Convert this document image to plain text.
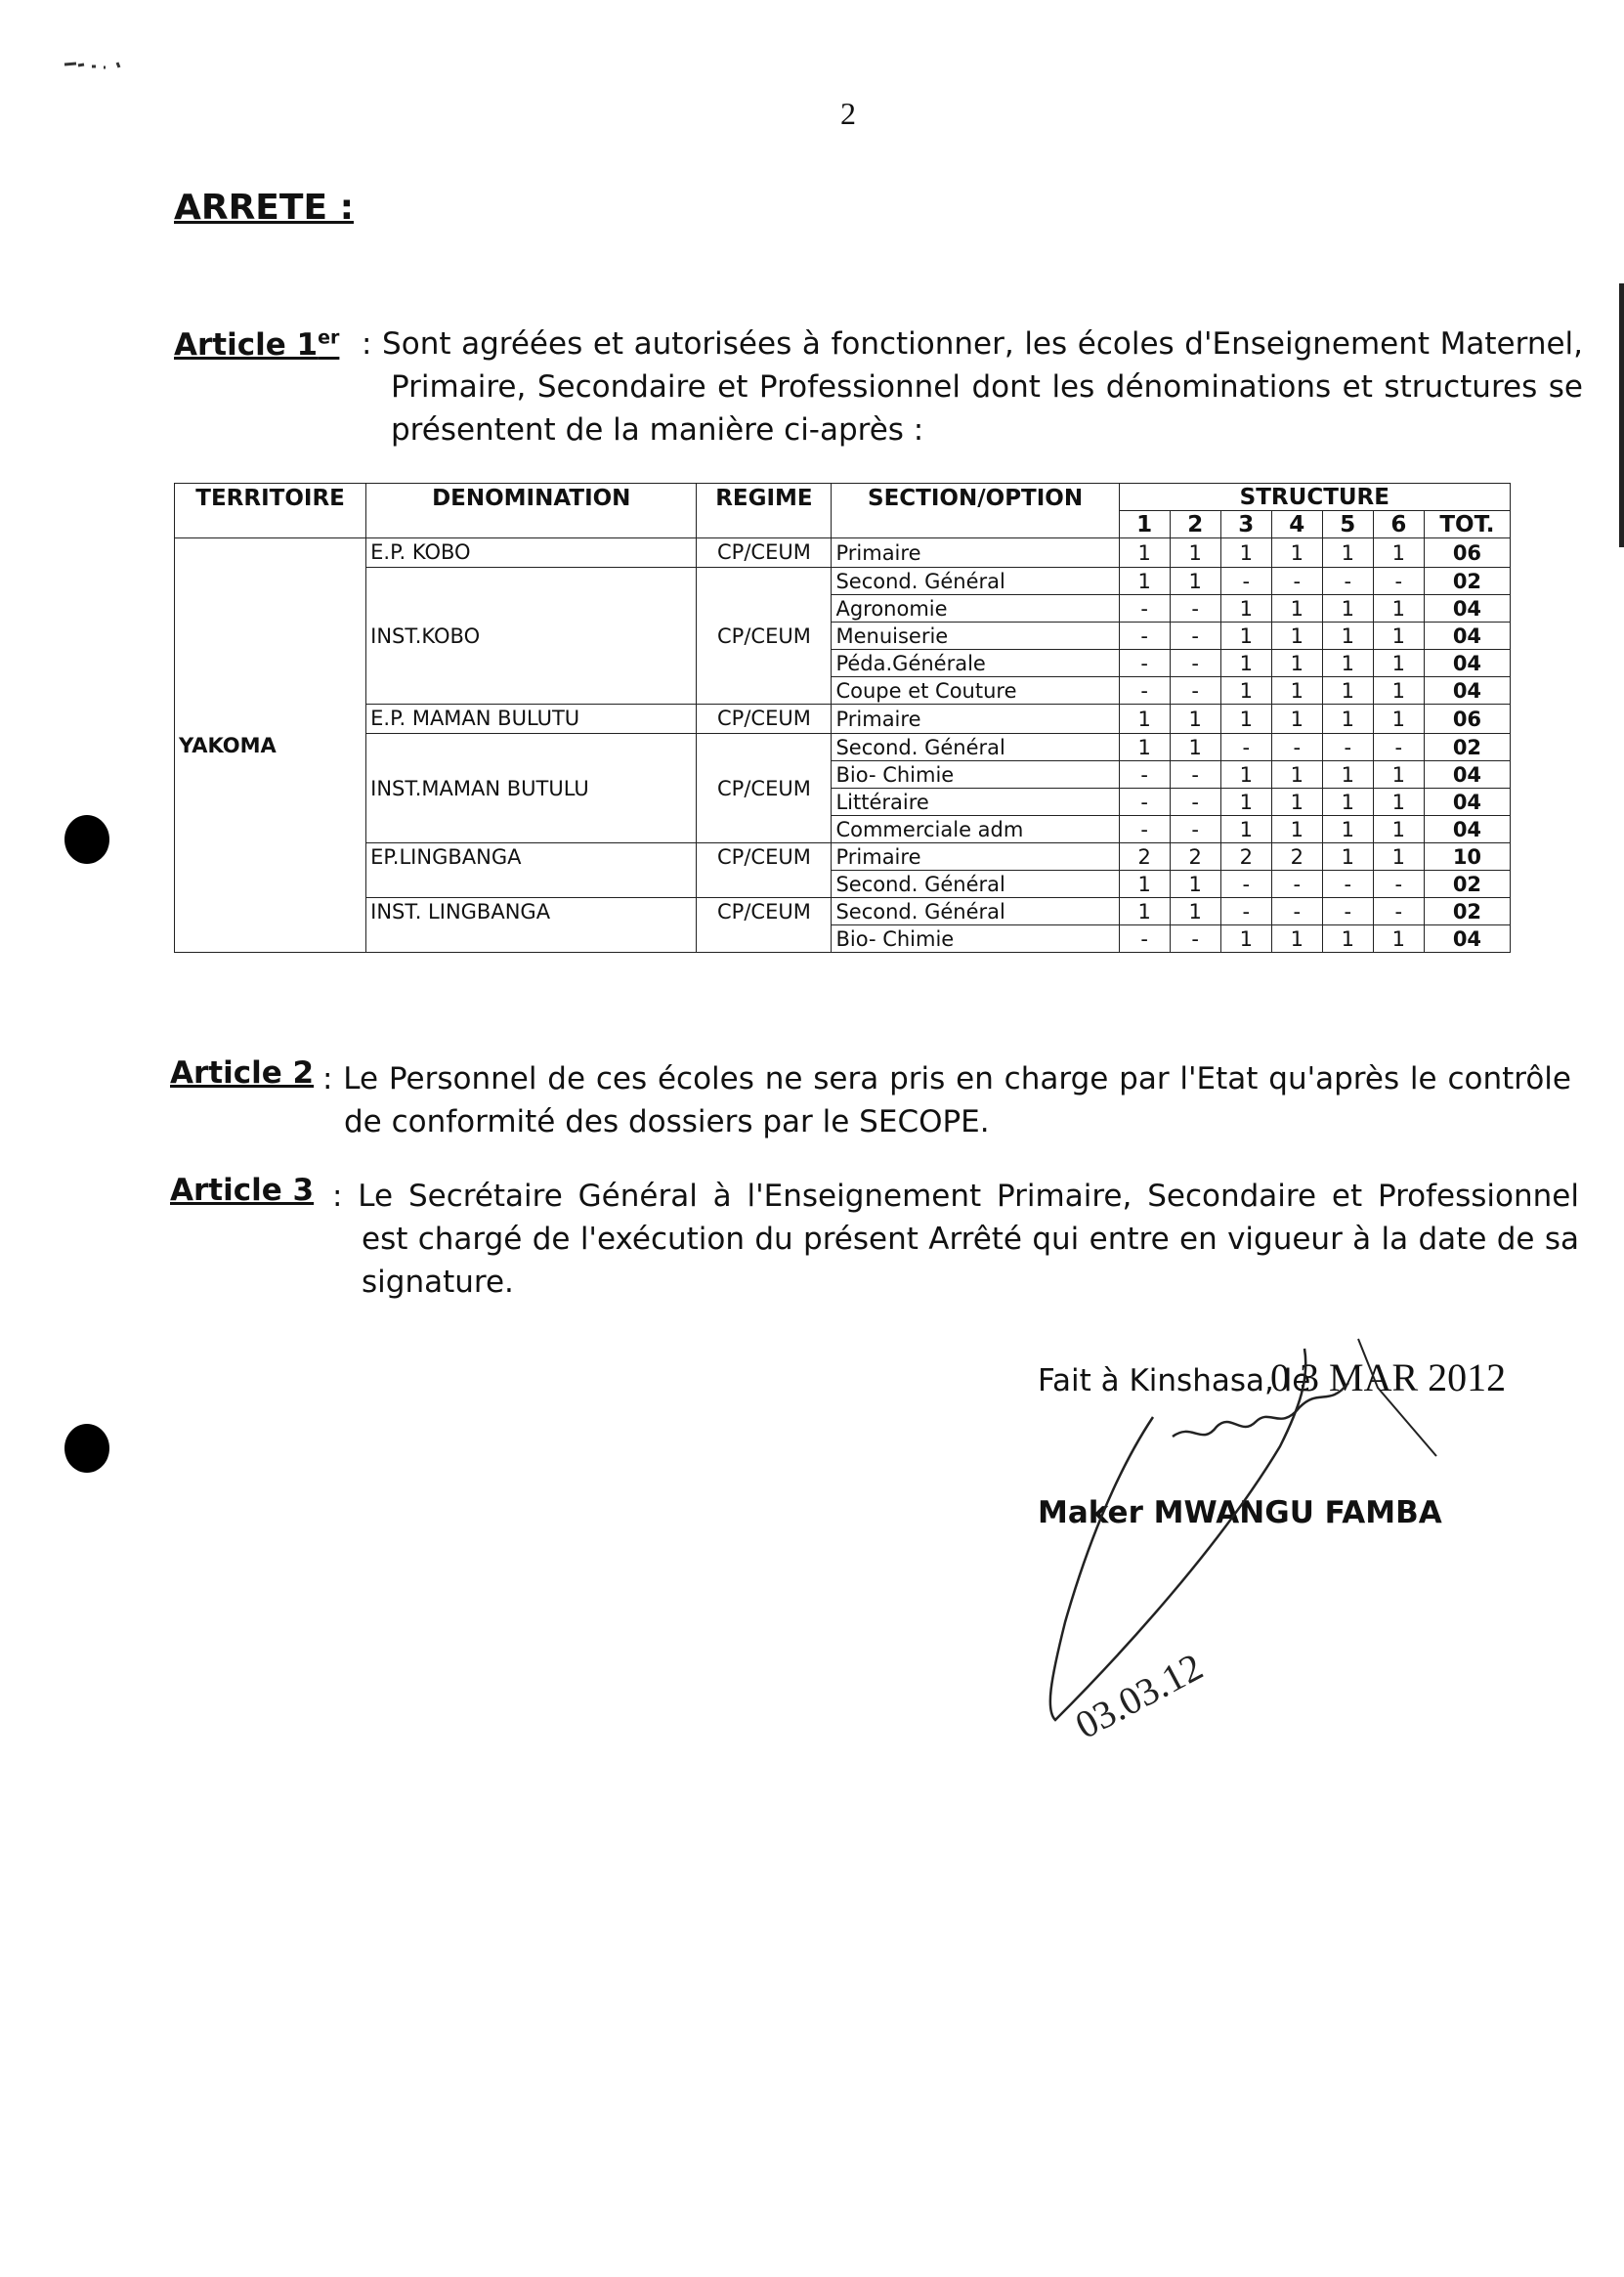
2
ARRETE :
Article 1er : Sont agréées et autorisées à fonctionner, les écoles d'Enseignement Maternel, Primaire, Secondaire et Professionnel dont les dénominations et structures se présentent de la manière ci-après :
TERRITOIRE	DENOMINATION	REGIME	SECTION/OPTION	STRUCTURE						
				1	2	3	4	5	6	TOT.
YAKOMA	E.P. KOBO	CP/CEUM	Primaire	1	1	1	1	1	1	06
	INST.KOBO	CP/CEUM	Second. Général	1	1	-	-	-	-	02
			Agronomie	-	-	1	1	1	1	04
			Menuiserie	-	-	1	1	1	1	04
			Péda.Générale	-	-	1	1	1	1	04
			Coupe et Couture	-	-	1	1	1	1	04
	E.P. MAMAN BULUTU	CP/CEUM	Primaire	1	1	1	1	1	1	06
	INST.MAMAN BUTULU	CP/CEUM	Second. Général	1	1	-	-	-	-	02
			Bio- Chimie	-	-	1	1	1	1	04
			Littéraire	-	-	1	1	1	1	04
			Commerciale adm	-	-	1	1	1	1	04
	EP.LINGBANGA	CP/CEUM	Primaire	2	2	2	2	1	1	10
			Second. Général	1	1	-	-	-	-	02
	INST. LINGBANGA	CP/CEUM	Second. Général	1	1	-	-	-	-	02
			Bio- Chimie	-	-	1	1	1	1	04
Article 2 : Le Personnel de ces écoles ne sera pris en charge par l'Etat qu'après le contrôle de conformité des dossiers par le SECOPE.
Article 3 : Le Secrétaire Général à l'Enseignement Primaire, Secondaire et Professionnel est chargé de l'exécution du présent Arrêté qui entre en vigueur à la date de sa signature.
Fait à Kinshasa, le
0 3 MAR 2012
Maker MWANGU FAMBA
03.03.12
